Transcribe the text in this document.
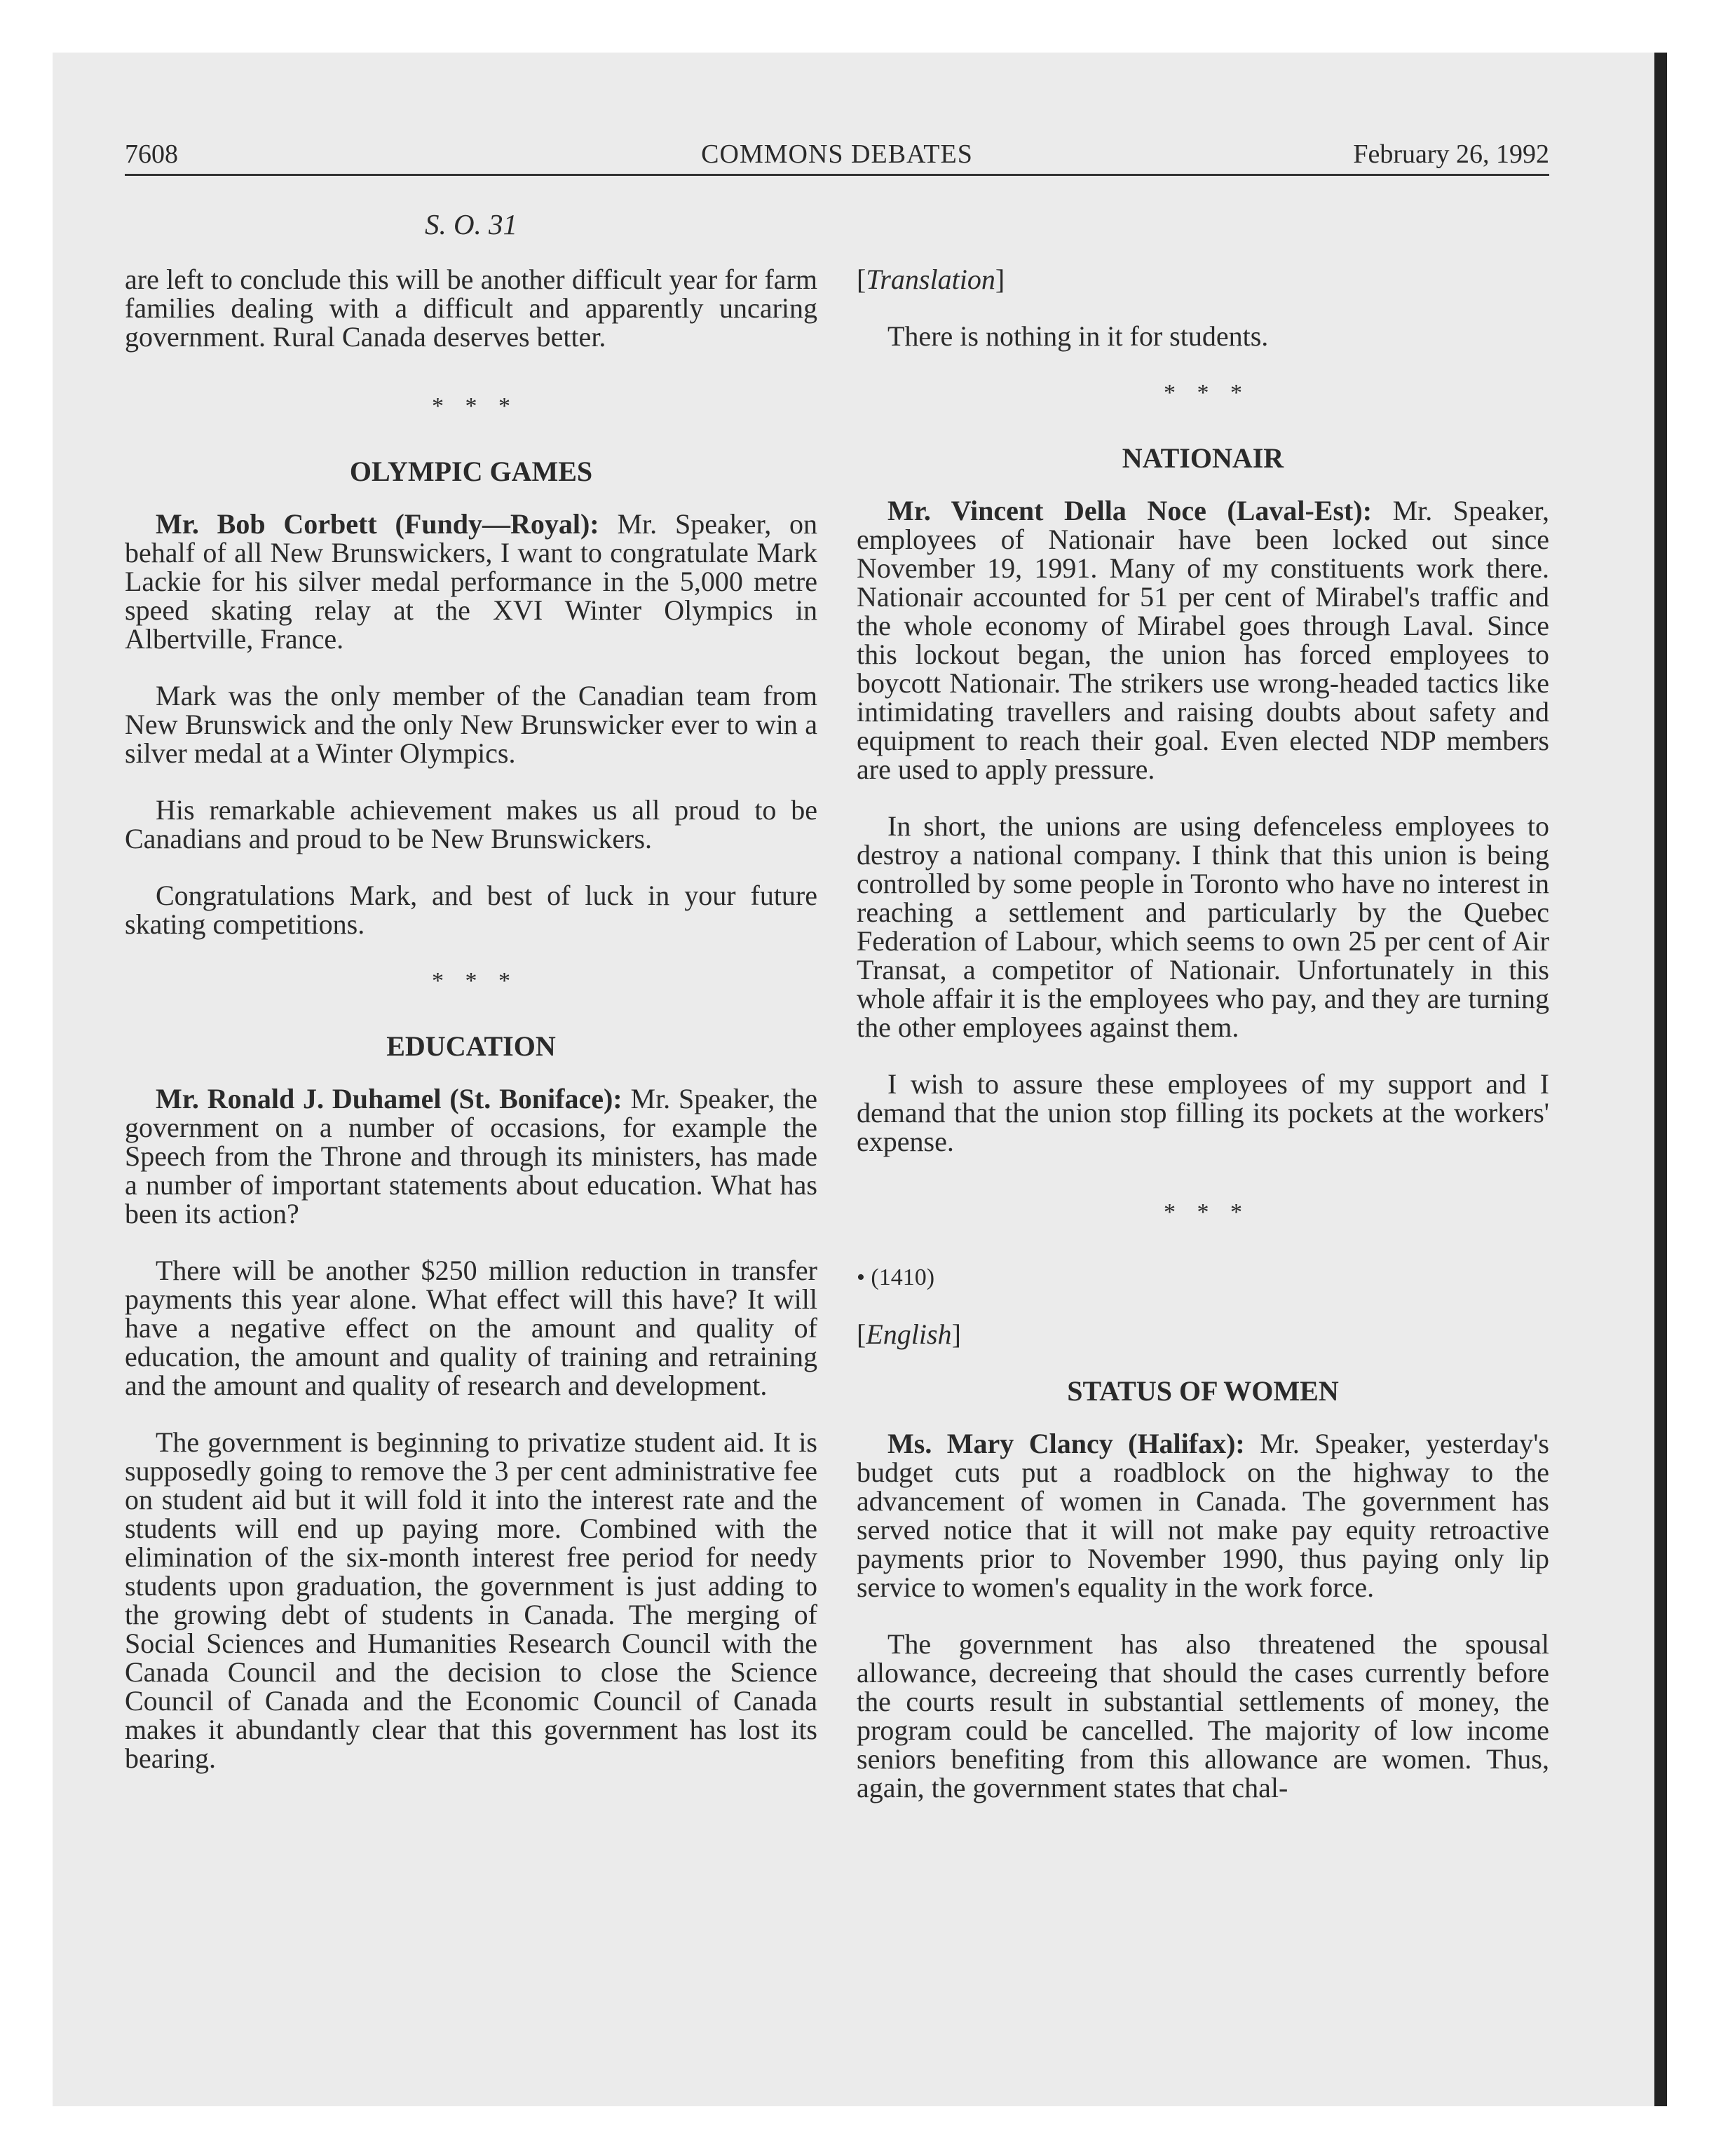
7608	COMMONS DEBATES	February 26, 1992
S. O. 31

are left to conclude this will be another difficult year for farm families dealing with a difficult and apparently uncaring government. Rural Canada deserves better.

* * *
OLYMPIC GAMES

Mr. Bob Corbett (Fundy—Royal): Mr. Speaker, on behalf of all New Brunswickers, I want to congratulate Mark Lackie for his silver medal performance in the 5,000 metre speed skating relay at the XVI Winter Olympics in Albertville, France.

Mark was the only member of the Canadian team from New Brunswick and the only New Brunswicker ever to win a silver medal at a Winter Olympics.

His remarkable achievement makes us all proud to be Canadians and proud to be New Brunswickers.

Congratulations Mark, and best of luck in your future skating competitions.

* * *
EDUCATION

Mr. Ronald J. Duhamel (St. Boniface): Mr. Speaker, the government on a number of occasions, for example the Speech from the Throne and through its ministers, has made a number of important statements about education. What has been its action?

There will be another $250 million reduction in transfer payments this year alone. What effect will this have? It will have a negative effect on the amount and quality of education, the amount and quality of training and retraining and the amount and quality of research and development.

The government is beginning to privatize student aid. It is supposedly going to remove the 3 per cent administrative fee on student aid but it will fold it into the interest rate and the students will end up paying more. Combined with the elimination of the six-month interest free period for needy students upon graduation, the government is just adding to the growing debt of students in Canada. The merging of Social Sciences and Humanities Research Council with the Canada Council and the decision to close the Science Council of Canada and the Economic Council of Canada makes it abundantly clear that this government has lost its bearing.

[Translation]

There is nothing in it for students.

* * *
NATIONAIR

Mr. Vincent Della Noce (Laval-Est): Mr. Speaker, employees of Nationair have been locked out since November 19, 1991. Many of my constituents work there. Nationair accounted for 51 per cent of Mirabel's traffic and the whole economy of Mirabel goes through Laval. Since this lockout began, the union has forced employees to boycott Nationair. The strikers use wrong-headed tactics like intimidating travellers and raising doubts about safety and equipment to reach their goal. Even elected NDP members are used to apply pressure.

In short, the unions are using defenceless employees to destroy a national company. I think that this union is being controlled by some people in Toronto who have no interest in reaching a settlement and particularly by the Quebec Federation of Labour, which seems to own 25 per cent of Air Transat, a competitor of Nationair. Unfortunately in this whole affair it is the employees who pay, and they are turning the other employees against them.

I wish to assure these employees of my support and I demand that the union stop filling its pockets at the workers' expense.

* * *

• (1410)

[English]

STATUS OF WOMEN

Ms. Mary Clancy (Halifax): Mr. Speaker, yesterday's budget cuts put a roadblock on the highway to the advancement of women in Canada. The government has served notice that it will not make pay equity retroactive payments prior to November 1990, thus paying only lip service to women's equality in the work force.

The government has also threatened the spousal allowance, decreeing that should the cases currently before the courts result in substantial settlements of money, the program could be cancelled. The majority of low income seniors benefiting from this allowance are women. Thus, again, the government states that chal-
